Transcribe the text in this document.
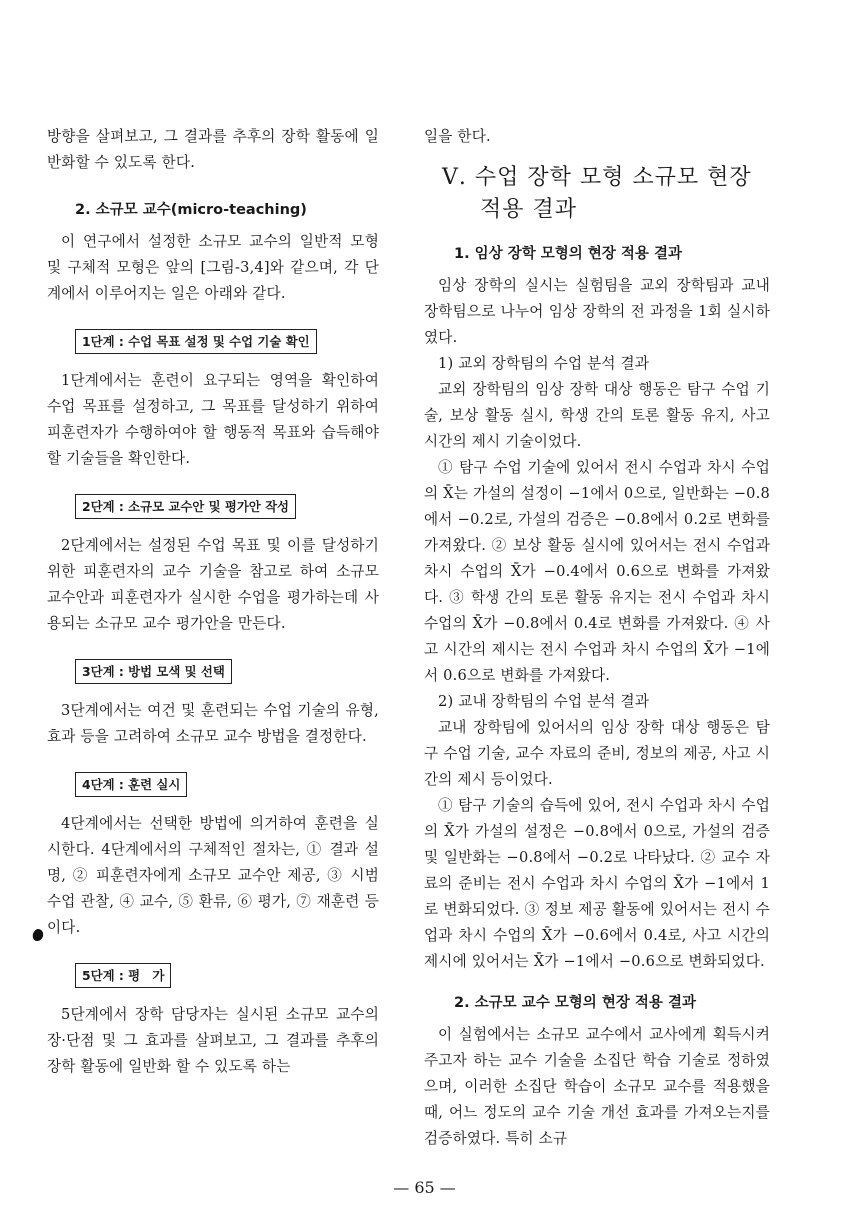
방향을 살펴보고, 그 결과를 추후의 장학 활동에 일반화할 수 있도록 한다.

2. 소규모 교수(micro-teaching)

이 연구에서 설정한 소규모 교수의 일반적 모형 및 구체적 모형은 앞의 [그림-3,4]와 같으며, 각 단계에서 이루어지는 일은 아래와 같다.

1단계 : 수업 목표 설정 및 수업 기술 확인

1단계에서는 훈련이 요구되는 영역을 확인하여 수업 목표를 설정하고, 그 목표를 달성하기 위하여 피훈련자가 수행하여야 할 행동적 목표와 습득해야 할 기술들을 확인한다.

2단계 : 소규모 교수안 및 평가안 작성

2단계에서는 설정된 수업 목표 및 이를 달성하기 위한 피훈련자의 교수 기술을 참고로 하여 소규모 교수안과 피훈련자가 실시한 수업을 평가하는데 사용되는 소규모 교수 평가안을 만든다.

3단계 : 방법 모색 및 선택

3단계에서는 여건 및 훈련되는 수업 기술의 유형, 효과 등을 고려하여 소규모 교수 방법을 결정한다.

4단계 : 훈련 실시

4단계에서는 선택한 방법에 의거하여 훈련을 실시한다. 4단계에서의 구체적인 절차는, ① 결과 설명, ② 피훈련자에게 소규모 교수안 제공, ③ 시범 수업 관찰, ④ 교수, ⑤ 환류, ⑥ 평가, ⑦ 재훈련 등이다.

5단계 : 평　가

5단계에서 장학 담당자는 실시된 소규모 교수의 장·단점 및 그 효과를 살펴보고, 그 결과를 추후의 장학 활동에 일반화 할 수 있도록 하는

일을 한다.

Ⅴ. 수업 장학 모형 소규모 현장

적용 결과

1. 임상 장학 모형의 현장 적용 결과

임상 장학의 실시는 실험팀을 교외 장학팀과 교내 장학팀으로 나누어 임상 장학의 전 과정을 1회 실시하였다.

1) 교외 장학팀의 수업 분석 결과

교외 장학팀의 임상 장학 대상 행동은 탐구 수업 기술, 보상 활동 실시, 학생 간의 토론 활동 유지, 사고 시간의 제시 기술이었다.

① 탐구 수업 기술에 있어서 전시 수업과 차시 수업의 X̄는 가설의 설정이 −1에서 0으로, 일반화는 −0.8에서 −0.2로, 가설의 검증은 −0.8에서 0.2로 변화를 가져왔다. ② 보상 활동 실시에 있어서는 전시 수업과 차시 수업의 X̄가 −0.4에서 0.6으로 변화를 가져왔다. ③ 학생 간의 토론 활동 유지는 전시 수업과 차시 수업의 X̄가 −0.8에서 0.4로 변화를 가져왔다. ④ 사고 시간의 제시는 전시 수업과 차시 수업의 X̄가 −1에서 0.6으로 변화를 가져왔다.

2) 교내 장학팀의 수업 분석 결과

교내 장학팀에 있어서의 임상 장학 대상 행동은 탐구 수업 기술, 교수 자료의 준비, 정보의 제공, 사고 시간의 제시 등이었다.

① 탐구 기술의 습득에 있어, 전시 수업과 차시 수업의 X̄가 가설의 설정은 −0.8에서 0으로, 가설의 검증 및 일반화는 −0.8에서 −0.2로 나타났다. ② 교수 자료의 준비는 전시 수업과 차시 수업의 X̄가 −1에서 1로 변화되었다. ③ 정보 제공 활동에 있어서는 전시 수업과 차시 수업의 X̄가 −0.6에서 0.4로, 사고 시간의 제시에 있어서는 X̄가 −1에서 −0.6으로 변화되었다.

2. 소규모 교수 모형의 현장 적용 결과

이 실험에서는 소규모 교수에서 교사에게 획득시켜주고자 하는 교수 기술을 소집단 학습 기술로 정하였으며, 이러한 소집단 학습이 소규모 교수를 적용했을 때, 어느 정도의 교수 기술 개선 효과를 가져오는지를 검증하였다. 특히 소규

— 65 —
